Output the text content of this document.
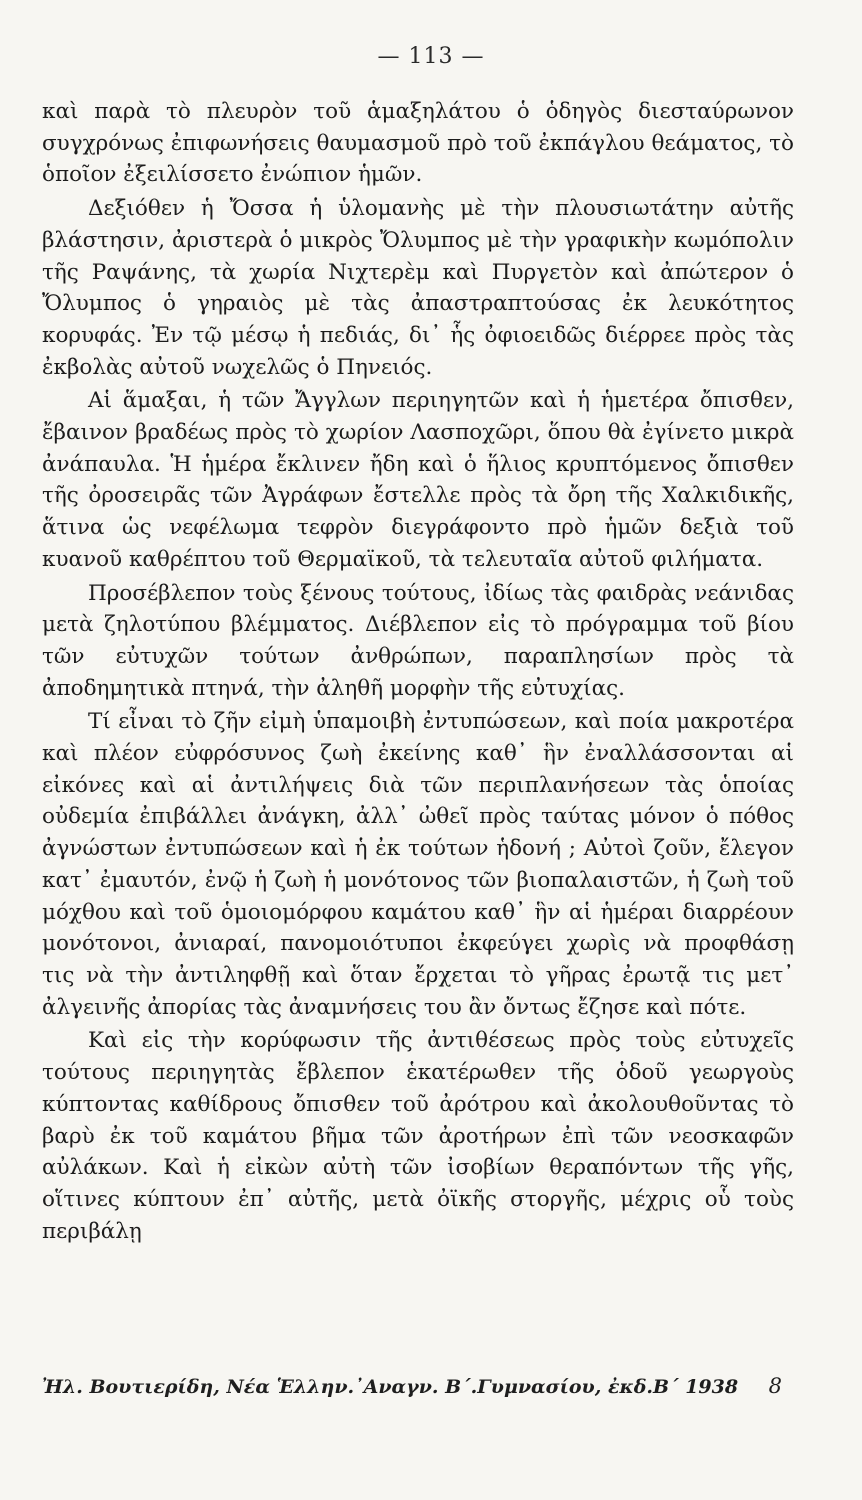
— 113 —

καὶ παρὰ τὸ πλευρὸν τοῦ ἁμαξηλάτου ὁ ὁδηγὸς διεσταύρωνον συγχρόνως ἐπιφωνήσεις θαυμασμοῦ πρὸ τοῦ ἐκπάγλου θεάματος, τὸ ὁποῖον ἐξειλίσσετο ἐνώπιον ἡμῶν.

Δεξιόθεν ἡ Ὄσσα ἡ ὑλομανὴς μὲ τὴν πλουσιωτάτην αὐτῆς βλάστησιν, ἀριστερὰ ὁ μικρὸς Ὄλυμπος μὲ τὴν γραφικὴν κωμόπολιν τῆς Ραψάνης, τὰ χωρία Νιχτερὲμ καὶ Πυργετὸν καὶ ἀπώτερον ὁ Ὄλυμπος ὁ γηραιὸς μὲ τὰς ἀπαστραπτούσας ἐκ λευκότητος κορυφάς. Ἐν τῷ μέσῳ ἡ πεδιάς, δι᾿ ἧς ὀφιοειδῶς διέρρεε πρὸς τὰς ἐκβολὰς αὐτοῦ νωχελῶς ὁ Πηνειός.

Αἱ ἅμαξαι, ἡ τῶν Ἄγγλων περιηγητῶν καὶ ἡ ἡμετέρα ὄπισθεν, ἔβαινον βραδέως πρὸς τὸ χωρίον Λασποχῶρι, ὅπου θὰ ἐγίνετο μικρὰ ἀνάπαυλα. Ἡ ἡμέρα ἔκλινεν ἤδη καὶ ὁ ἥλιος κρυπτόμενος ὄπισθεν τῆς ὀροσειρᾶς τῶν Ἀγράφων ἔστελλε πρὸς τὰ ὄρη τῆς Χαλκιδικῆς, ἅτινα ὡς νεφέλωμα τεφρὸν διεγράφοντο πρὸ ἡμῶν δεξιὰ τοῦ κυανοῦ καθρέπτου τοῦ Θερμαϊκοῦ, τὰ τελευταῖα αὐτοῦ φιλήματα.

Προσέβλεπον τοὺς ξένους τούτους, ἰδίως τὰς φαιδρὰς νεάνιδας μετὰ ζηλοτύπου βλέμματος. Διέβλεπον εἰς τὸ πρόγραμμα τοῦ βίου τῶν εὐτυχῶν τούτων ἀνθρώπων, παραπλησίων πρὸς τὰ ἀποδημητικὰ πτηνά, τὴν ἀληθῆ μορφὴν τῆς εὐτυχίας.

Τί εἶναι τὸ ζῆν εἰμὴ ὑπαμοιβὴ ἐντυπώσεων, καὶ ποία μακροτέρα καὶ πλέον εὐφρόσυνος ζωὴ ἐκείνης καθ᾿ ἣν ἐναλλάσσονται αἱ εἰκόνες καὶ αἱ ἀντιλήψεις διὰ τῶν περιπλανήσεων τὰς ὁποίας οὐδεμία ἐπιβάλλει ἀνάγκη, ἀλλ᾿ ὠθεῖ πρὸς ταύτας μόνον ὁ πόθος ἀγνώστων ἐντυπώσεων καὶ ἡ ἐκ τούτων ἡδονή ; Αὐτοὶ ζοῦν, ἔλεγον κατ᾿ ἐμαυτόν, ἐνῷ ἡ ζωὴ ἡ μονότονος τῶν βιοπαλαιστῶν, ἡ ζωὴ τοῦ μόχθου καὶ τοῦ ὁμοιομόρφου καμάτου καθ᾿ ἣν αἱ ἡμέραι διαρρέουν μονότονοι, ἀνιαραί, πανομοιότυποι ἐκφεύγει χωρὶς νὰ προφθάσῃ τις νὰ τὴν ἀντιληφθῇ καὶ ὅταν ἔρχεται τὸ γῆρας ἐρωτᾷ τις μετ᾿ ἀλγεινῆς ἀπορίας τὰς ἀναμνήσεις του ἂν ὄντως ἔζησε καὶ πότε.

Καὶ εἰς τὴν κορύφωσιν τῆς ἀντιθέσεως πρὸς τοὺς εὐτυχεῖς τούτους περιηγητὰς ἔβλεπον ἑκατέρωθεν τῆς ὁδοῦ γεωργοὺς κύπτοντας καθίδρους ὄπισθεν τοῦ ἀρότρου καὶ ἀκολουθοῦντας τὸ βαρὺ ἐκ τοῦ καμάτου βῆμα τῶν ἀροτήρων ἐπὶ τῶν νεοσκαφῶν αὐλάκων. Καὶ ἡ εἰκὼν αὐτὴ τῶν ἰσοβίων θεραπόντων τῆς γῆς, οἵτινες κύπτουν ἐπ᾿ αὐτῆς, μετὰ ὀϊκῆς στοργῆς, μέχρις οὗ τοὺς περιβάλῃ

Ἠλ. Βουτιερίδη, Νέα Ἑλλην.᾿Αναγν. Β΄.Γυμνασίου, ἐκδ.Β΄ 1938 8
